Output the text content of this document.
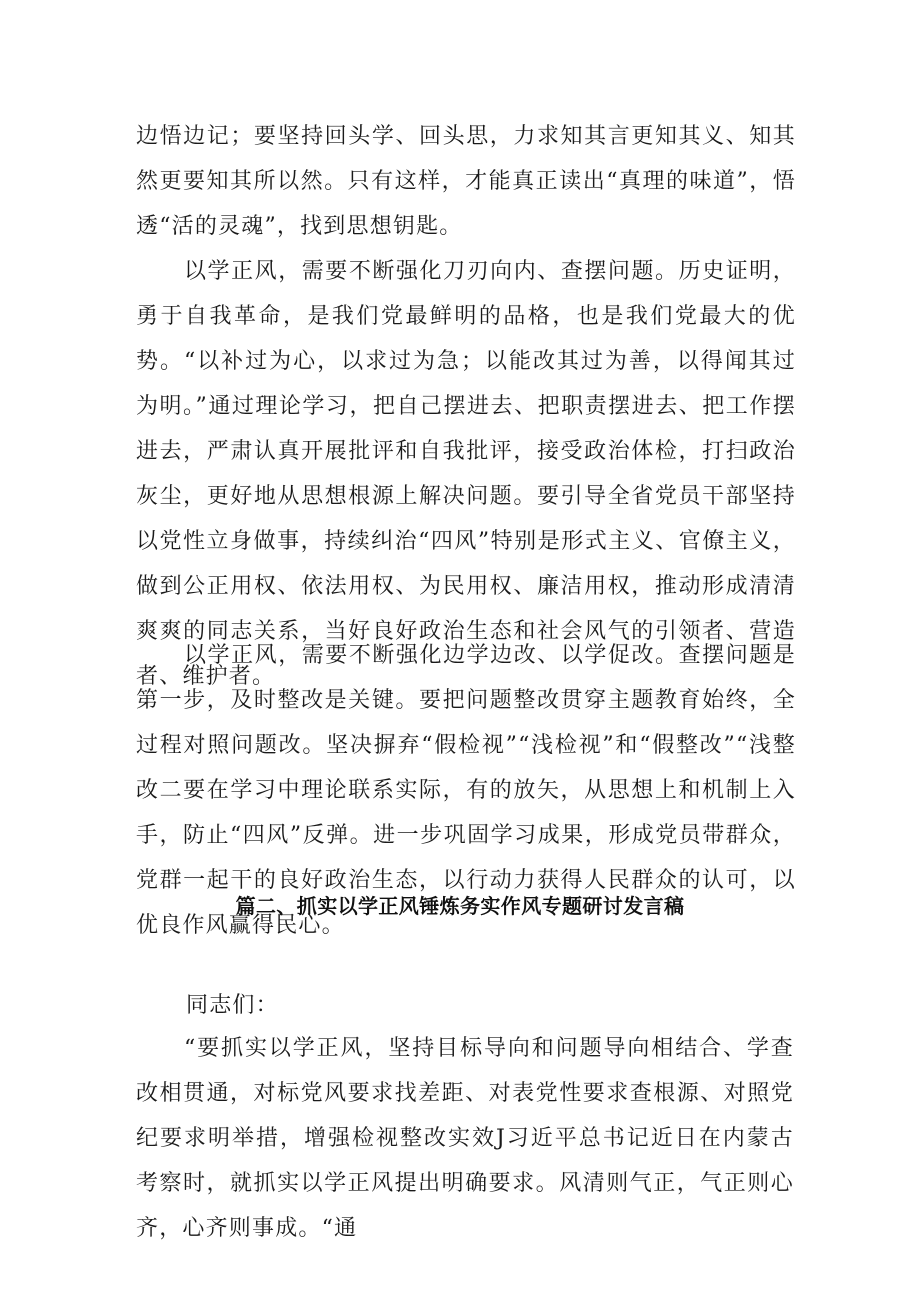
边悟边记；要坚持回头学、回头思，力求知其言更知其义、知其然更要知其所以然。只有这样，才能真正读出“真理的味道”，悟透“活的灵魂”，找到思想钥匙。

以学正风，需要不断强化刀刃向内、查摆问题。历史证明，勇于自我革命，是我们党最鲜明的品格，也是我们党最大的优势。“以补过为心，以求过为急；以能改其过为善，以得闻其过为明。”通过理论学习，把自己摆进去、把职责摆进去、把工作摆进去，严肃认真开展批评和自我批评，接受政治体检，打扫政治灰尘，更好地从思想根源上解决问题。要引导全省党员干部坚持以党性立身做事，持续纠治“四风”特别是形式主义、官僚主义，做到公正用权、依法用权、为民用权、廉洁用权，推动形成清清爽爽的同志关系，当好良好政治生态和社会风气的引领者、营造者、维护者。

以学正风，需要不断强化边学边改、以学促改。查摆问题是第一步，及时整改是关键。要把问题整改贯穿主题教育始终，全过程对照问题改。坚决摒弃“假检视”“浅检视”和“假整改”“浅整改二要在学习中理论联系实际，有的放矢，从思想上和机制上入手，防止“四风”反弹。进一步巩固学习成果，形成党员带群众，党群一起干的良好政治生态，以行动力获得人民群众的认可，以优良作风赢得民心。

篇二、抓实以学正风锤炼务实作风专题研讨发言稿

同志们：

“要抓实以学正风，坚持目标导向和问题导向相结合、学查改相贯通，对标党风要求找差距、对表党性要求查根源、对照党纪要求明举措，增强检视整改实效J习近平总书记近日在内蒙古考察时，就抓实以学正风提出明确要求。风清则气正，气正则心齐，心齐则事成。“通
